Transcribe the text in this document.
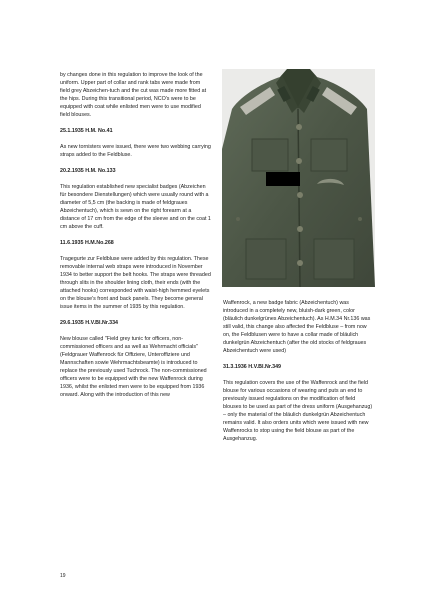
by changes done in this regulation to improve the look of the uniform. Upper part of collar and rank tabs were made from field grey Abzeichen-tuch and the cut was made more fitted at the hips. During this transitional period, NCO's were to be equipped with coat while enlisted men were to use modified field blouses.

25.1.1935 H.M. No.41

As new tornisters were issued, there were two webbing carrying straps added to the Feldbluse.

20.2.1935 H.M. No.133

This regulation established new specialist badges (Abzeichen für besondere Dienstellungen) which were usually round with a diameter of 5,5 cm (the backing is made of feldgraues Abzeichentuch), which is sewn on the right forearm at a distance of 17 cm from the edge of the sleeve and on the coat 1 cm above the cuff.

11.6.1935 H.M.No.268

Tragegurte zur Feldbluse were added by this regulation. These removable internal web straps were introduced in November 1934 to better support the belt hooks. The straps were threaded through slits in the shoulder lining cloth, their ends (with the attached hooks) corresponded with waist-high hemmed eyelets on the blouse's front and back panels. They become general issue items in the summer of 1935 by this regulation.

29.6.1935 H.V.Bl.Nr.334

New blouse called "Field grey tunic for officers, non-commissioned officers and as well as Wehrmacht officials" (Feldgrauer Waffenrock für Offiziere, Unteroffiziere und Mannschaften sowie Wehrmachtsbeamte) is introduced to replace the previously used Tuchrock. The non-commissioned officers were to be equipped with the new Waffenrock during 1936, whilst the enlisted men were to be equipped from 1936 onward. Along with the introduction of this new

Waffenrock, a new badge fabric (Abzeichentuch) was introduced in a completely new, bluish-dark green, color (bläulich dunkelgrünes Abzeichentuch). As H.M.34 Nr.136 was still valid, this change also affected the Feldbluse – from now on, the Feldblusen were to have a collar made of bläulich dunkelgrün Abzeichentuch (after the old stocks of feldgraues Abzeichentuch were used)

31.3.1936 H.V.Bl.Nr.349

This regulation covers the use of the Waffenrock and the field blouse for various occasions of wearing and puts an end to previously issued regulations on the modification of field blouses to be used as part of the dress uniform (Ausgehanzug) – only the material of the bläulich dunkelgrün Abzeichentuch remains valid. It also orders units which were issued with new Waffenrocks to stop using the field blouse as part of the Ausgehanzug.

19
